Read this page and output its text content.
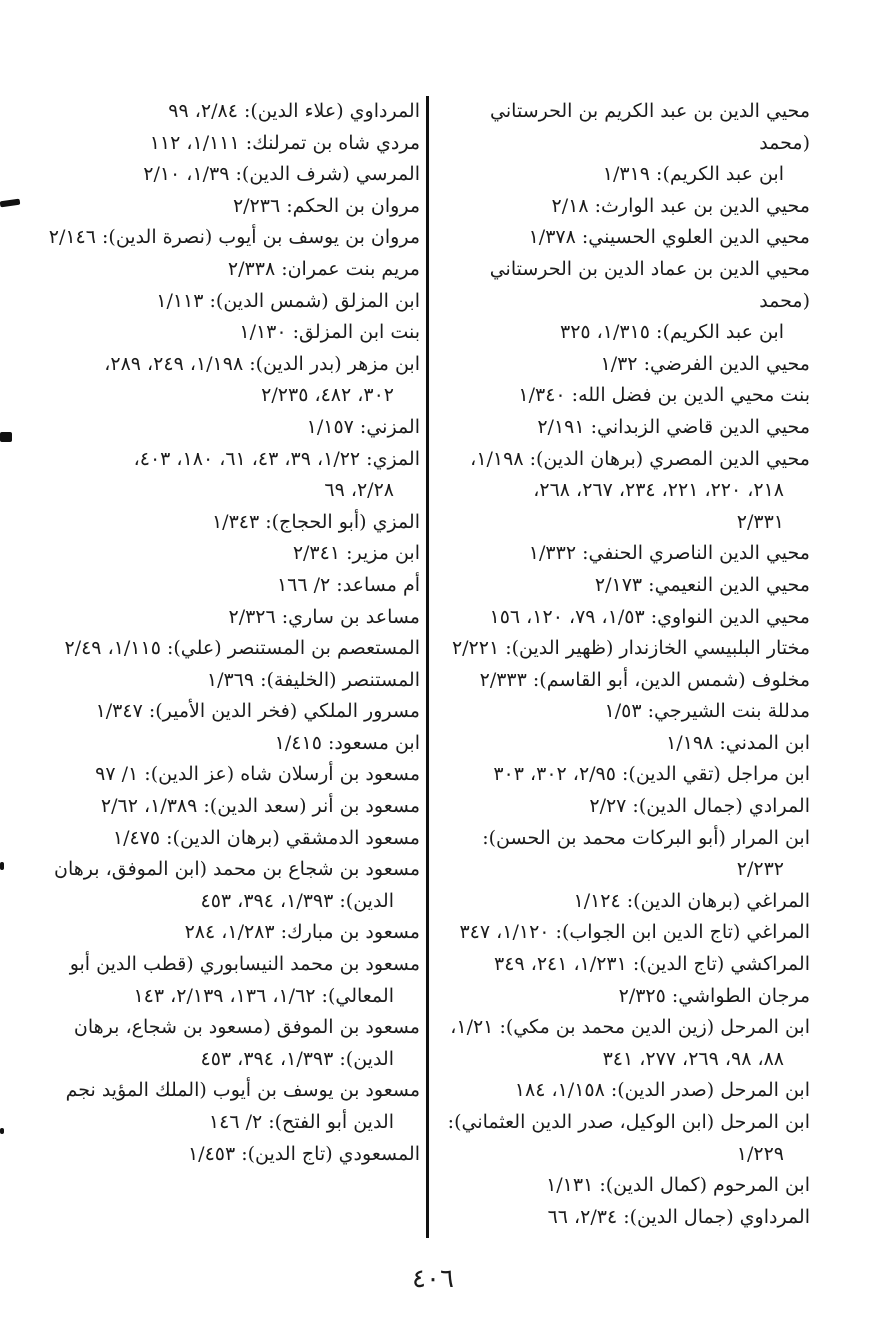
محيي الدين بن عبد الكريم بن الحرستاني (محمد
ابن عبد الكريم): ١/٣١٩
محيي الدين بن عبد الوارث: ٢/١٨
محيي الدين العلوي الحسيني: ١/٣٧٨
محيي الدين بن عماد الدين بن الحرستاني (محمد
ابن عبد الكريم): ١/٣١٥، ٣٢٥
محيي الدين الفرضي: ١/٣٢
بنت محيي الدين بن فضل الله: ١/٣٤٠
محيي الدين قاضي الزبداني: ٢/١٩١
محيي الدين المصري (برهان الدين): ١/١٩٨،
٢١٨، ٢٢٠، ٢٢١، ٢٣٤، ٢٦٧، ٢٦٨،
٢/٣٣١
محيي الدين الناصري الحنفي: ١/٣٣٢
محيي الدين النعيمي: ٢/١٧٣
محيي الدين النواوي: ١/٥٣، ٧٩، ١٢٠، ١٥٦
مختار البلبيسي الخازندار (ظهير الدين): ٢/٢٢١
مخلوف (شمس الدين، أبو القاسم): ٢/٣٣٣
مدللة بنت الشيرجي: ١/٥٣
ابن المدني: ١/١٩٨
ابن مراجل (تقي الدين): ٢/٩٥، ٣٠٢، ٣٠٣
المرادي (جمال الدين): ٢/٢٧
ابن المرار (أبو البركات محمد بن الحسن):
٢/٢٣٢
المراغي (برهان الدين): ١/١٢٤
المراغي (تاج الدين ابن الجواب): ١/١٢٠، ٣٤٧
المراكشي (تاج الدين): ١/٢٣١، ٢٤١، ٣٤٩
مرجان الطواشي: ٢/٣٢٥
ابن المرحل (زين الدين محمد بن مكي): ١/٢١،
٨٨، ٩٨، ٢٦٩، ٢٧٧، ٣٤١
ابن المرحل (صدر الدين): ١/١٥٨، ١٨٤
ابن المرحل (ابن الوكيل، صدر الدين العثماني):
١/٢٢٩
ابن المرحوم (كمال الدين): ١/١٣١
المرداوي (جمال الدين): ٢/٣٤، ٦٦
المرداوي (علاء الدين): ٢/٨٤، ٩٩
مردي شاه بن تمرلنك: ١/١١١، ١١٢
المرسي (شرف الدين): ١/٣٩، ٢/١٠
مروان بن الحكم: ٢/٢٣٦
مروان بن يوسف بن أيوب (نصرة الدين): ٢/١٤٦
مريم بنت عمران: ٢/٣٣٨
ابن المزلق (شمس الدين): ١/١١٣
بنت ابن المزلق: ١/١٣٠
ابن مزهر (بدر الدين): ١/١٩٨، ٢٤٩، ٢٨٩،
٣٠٢، ٤٨٢، ٢/٢٣٥
المزني: ١/١٥٧
المزي: ١/٢٢، ٣٩، ٤٣، ٦١، ١٨٠، ٤٠٣،
٢/٢٨، ٦٩
المزي (أبو الحجاج): ١/٣٤٣
ابن مزير: ٢/٣٤١
أم مساعد: ٢/ ١٦٦
مساعد بن ساري: ٢/٣٢٦
المستعصم بن المستنصر (علي): ١/١١٥، ٢/٤٩
المستنصر (الخليفة): ١/٣٦٩
مسرور الملكي (فخر الدين الأمير): ١/٣٤٧
ابن مسعود: ١/٤١٥
مسعود بن أرسلان شاه (عز الدين): ١/ ٩٧
مسعود بن أنر (سعد الدين): ١/٣٨٩، ٢/٦٢
مسعود الدمشقي (برهان الدين): ١/٤٧٥
مسعود بن شجاع بن محمد (ابن الموفق، برهان
الدين): ١/٣٩٣، ٣٩٤، ٤٥٣
مسعود بن مبارك: ١/٢٨٣، ٢٨٤
مسعود بن محمد النيسابوري (قطب الدين أبو
المعالي): ١/٦٢، ١٣٦، ٢/١٣٩، ١٤٣
مسعود بن الموفق (مسعود بن شجاع، برهان
الدين): ١/٣٩٣، ٣٩٤، ٤٥٣
مسعود بن يوسف بن أيوب (الملك المؤيد نجم
الدين أبو الفتح): ٢/ ١٤٦
المسعودي (تاج الدين): ١/٤٥٣
٤٠٦
